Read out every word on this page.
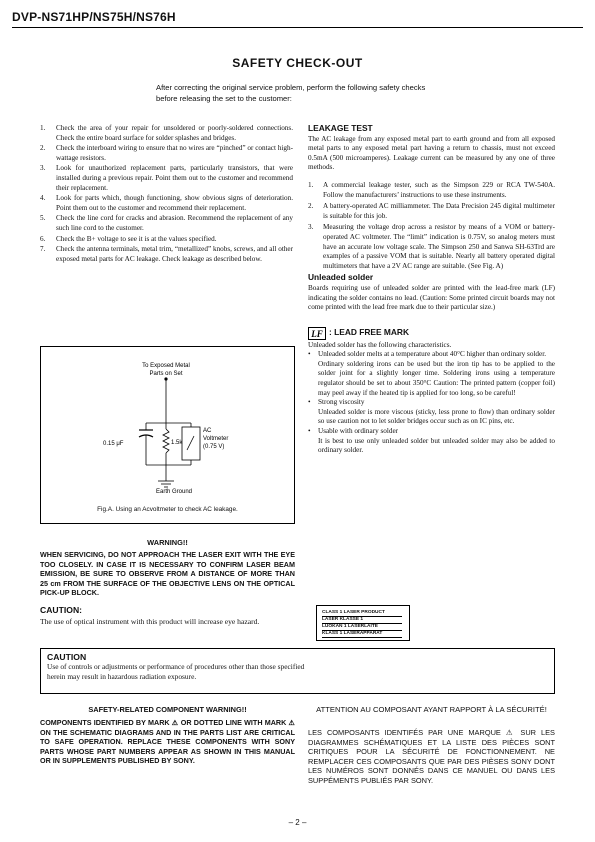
DVP-NS71HP/NS75H/NS76H
SAFETY CHECK-OUT
After correcting the original service problem, perform the following safety checks before releasing the set to the customer:
1.	Check the area of your repair for unsoldered or poorly-soldered connections. Check the entire board surface for solder splashes and bridges.
2.	Check the interboard wiring to ensure that no wires are “pinched” or contact high-wattage resistors.
3.	Look for unauthorized replacement parts, particularly transistors, that were installed during a previous repair. Point them out to the customer and recommend their replacement.
4.	Look for parts which, though functioning, show obvious signs of deterioration. Point them out to the customer and recommend their replacement.
5.	Check the line cord for cracks and abrasion. Recommend the replacement of any such line cord to the customer.
6.	Check the B+ voltage to see it is at the values specified.
7.	Check the antenna terminals, metal trim, “metallized” knobs, screws, and all other exposed metal parts for AC leakage. Check leakage as described below.
To Exposed Metal
Parts on Set
0.15 μF	1.5k
AC
Voltmeter
(0.75 V)
Earth Ground
Fig.A. Using an Acvoltmeter to check AC leakage.
WARNING!!
WHEN SERVICING, DO NOT APPROACH THE LASER EXIT WITH THE EYE TOO CLOSELY. IN CASE IT IS NECESSARY TO CONFIRM LASER BEAM EMISSION, BE SURE TO OBSERVE FROM A DISTANCE OF MORE THAN 25 cm FROM THE SURFACE OF THE OBJECTIVE LENS ON THE OPTICAL PICK-UP BLOCK.
CAUTION:
The use of optical instrument with this product will increase eye hazard.
CAUTION
Use of controls or adjustments or performance of procedures other than those specified herein may result in hazardous radiation exposure.
SAFETY-RELATED COMPONENT WARNING!!
COMPONENTS IDENTIFIED BY MARK ⚠ OR DOTTED LINE WITH MARK ⚠ ON THE SCHEMATIC DIAGRAMS AND IN THE PARTS LIST ARE CRITICAL TO SAFE OPERATION. REPLACE THESE COMPONENTS WITH SONY PARTS WHOSE PART NUMBERS APPEAR AS SHOWN IN THIS MANUAL OR IN SUPPLEMENTS PUBLISHED BY SONY.
LEAKAGE TEST
The AC leakage from any exposed metal part to earth ground and from all exposed metal parts to any exposed metal part having a return to chassis, must not exceed 0.5mA (500 microamperes). Leakage current can be measured by any one of three methods.
1.	A commercial leakage tester, such as the Simpson 229 or RCA TW-540A. Follow the manufacturers’ instructions to use these instruments.
2.	A battery-operated AC milliammeter. The Data Precision 245 digital multimeter is suitable for this job.
3.	Measuring the voltage drop across a resistor by means of a VOM or battery-operated AC voltmeter. The “limit” indication is 0.75V, so analog meters must have an accurate low voltage scale. The Simpson 250 and Sanwa SH-63Trd are examples of a passive VOM that is suitable. Nearly all battery operated digital multimeters that have a 2V AC range are suitable. (See Fig. A)
Unleaded solder
Boards requiring use of unleaded solder are printed with the lead-free mark (LF) indicating the solder contains no lead. (Caution: Some printed circuit boards may not come printed with the lead free mark due to their particular size.)
LF : LEAD FREE MARK
Unleaded solder has the following characteristics.
•	Unleaded solder melts at a temperature about 40°C higher than ordinary solder.
Ordinary soldering irons can be used but the iron tip has to be applied to the solder joint for a slightly longer time. Soldering irons using a temperature regulator should be set to about 350°C Caution: The printed pattern (copper foil) may peel away if the heated tip is applied for too long, so be careful!
•	Strong viscosity
Unleaded solder is more viscous (sticky, less prone to flow) than ordinary solder so use caution not to let solder bridges occur such as on IC pins, etc.
•	Usable with ordinary solder
It is best to use only unleaded solder but unleaded solder may also be added to ordinary solder.
CLASS 1 LASER PRODUCT
LASER KLASSE 1
LUOKAN 1 LASERLAITE
KLASS 1 LASERAPPARAT
ATTENTION AU COMPOSANT AYANT RAPPORT À LA SÉCURITÉ!
LES COMPOSANTS IDENTIFÉS PAR UNE MARQUE ⚠ SUR LES DIAGRAMMES SCHÉMATIQUES ET LA LISTE DES PIÈCES SONT CRITIQUES POUR LA SÉCURITÉ DE FONCTIONNEMENT. NE REMPLACER CES COMPOSANTS QUE PAR DES PIÈSES SONY DONT LES NUMÉROS SONT DONNÉS DANS CE MANUEL OU DANS LES SUPPÉMENTS PUBLIÉS PAR SONY.
– 2 –
